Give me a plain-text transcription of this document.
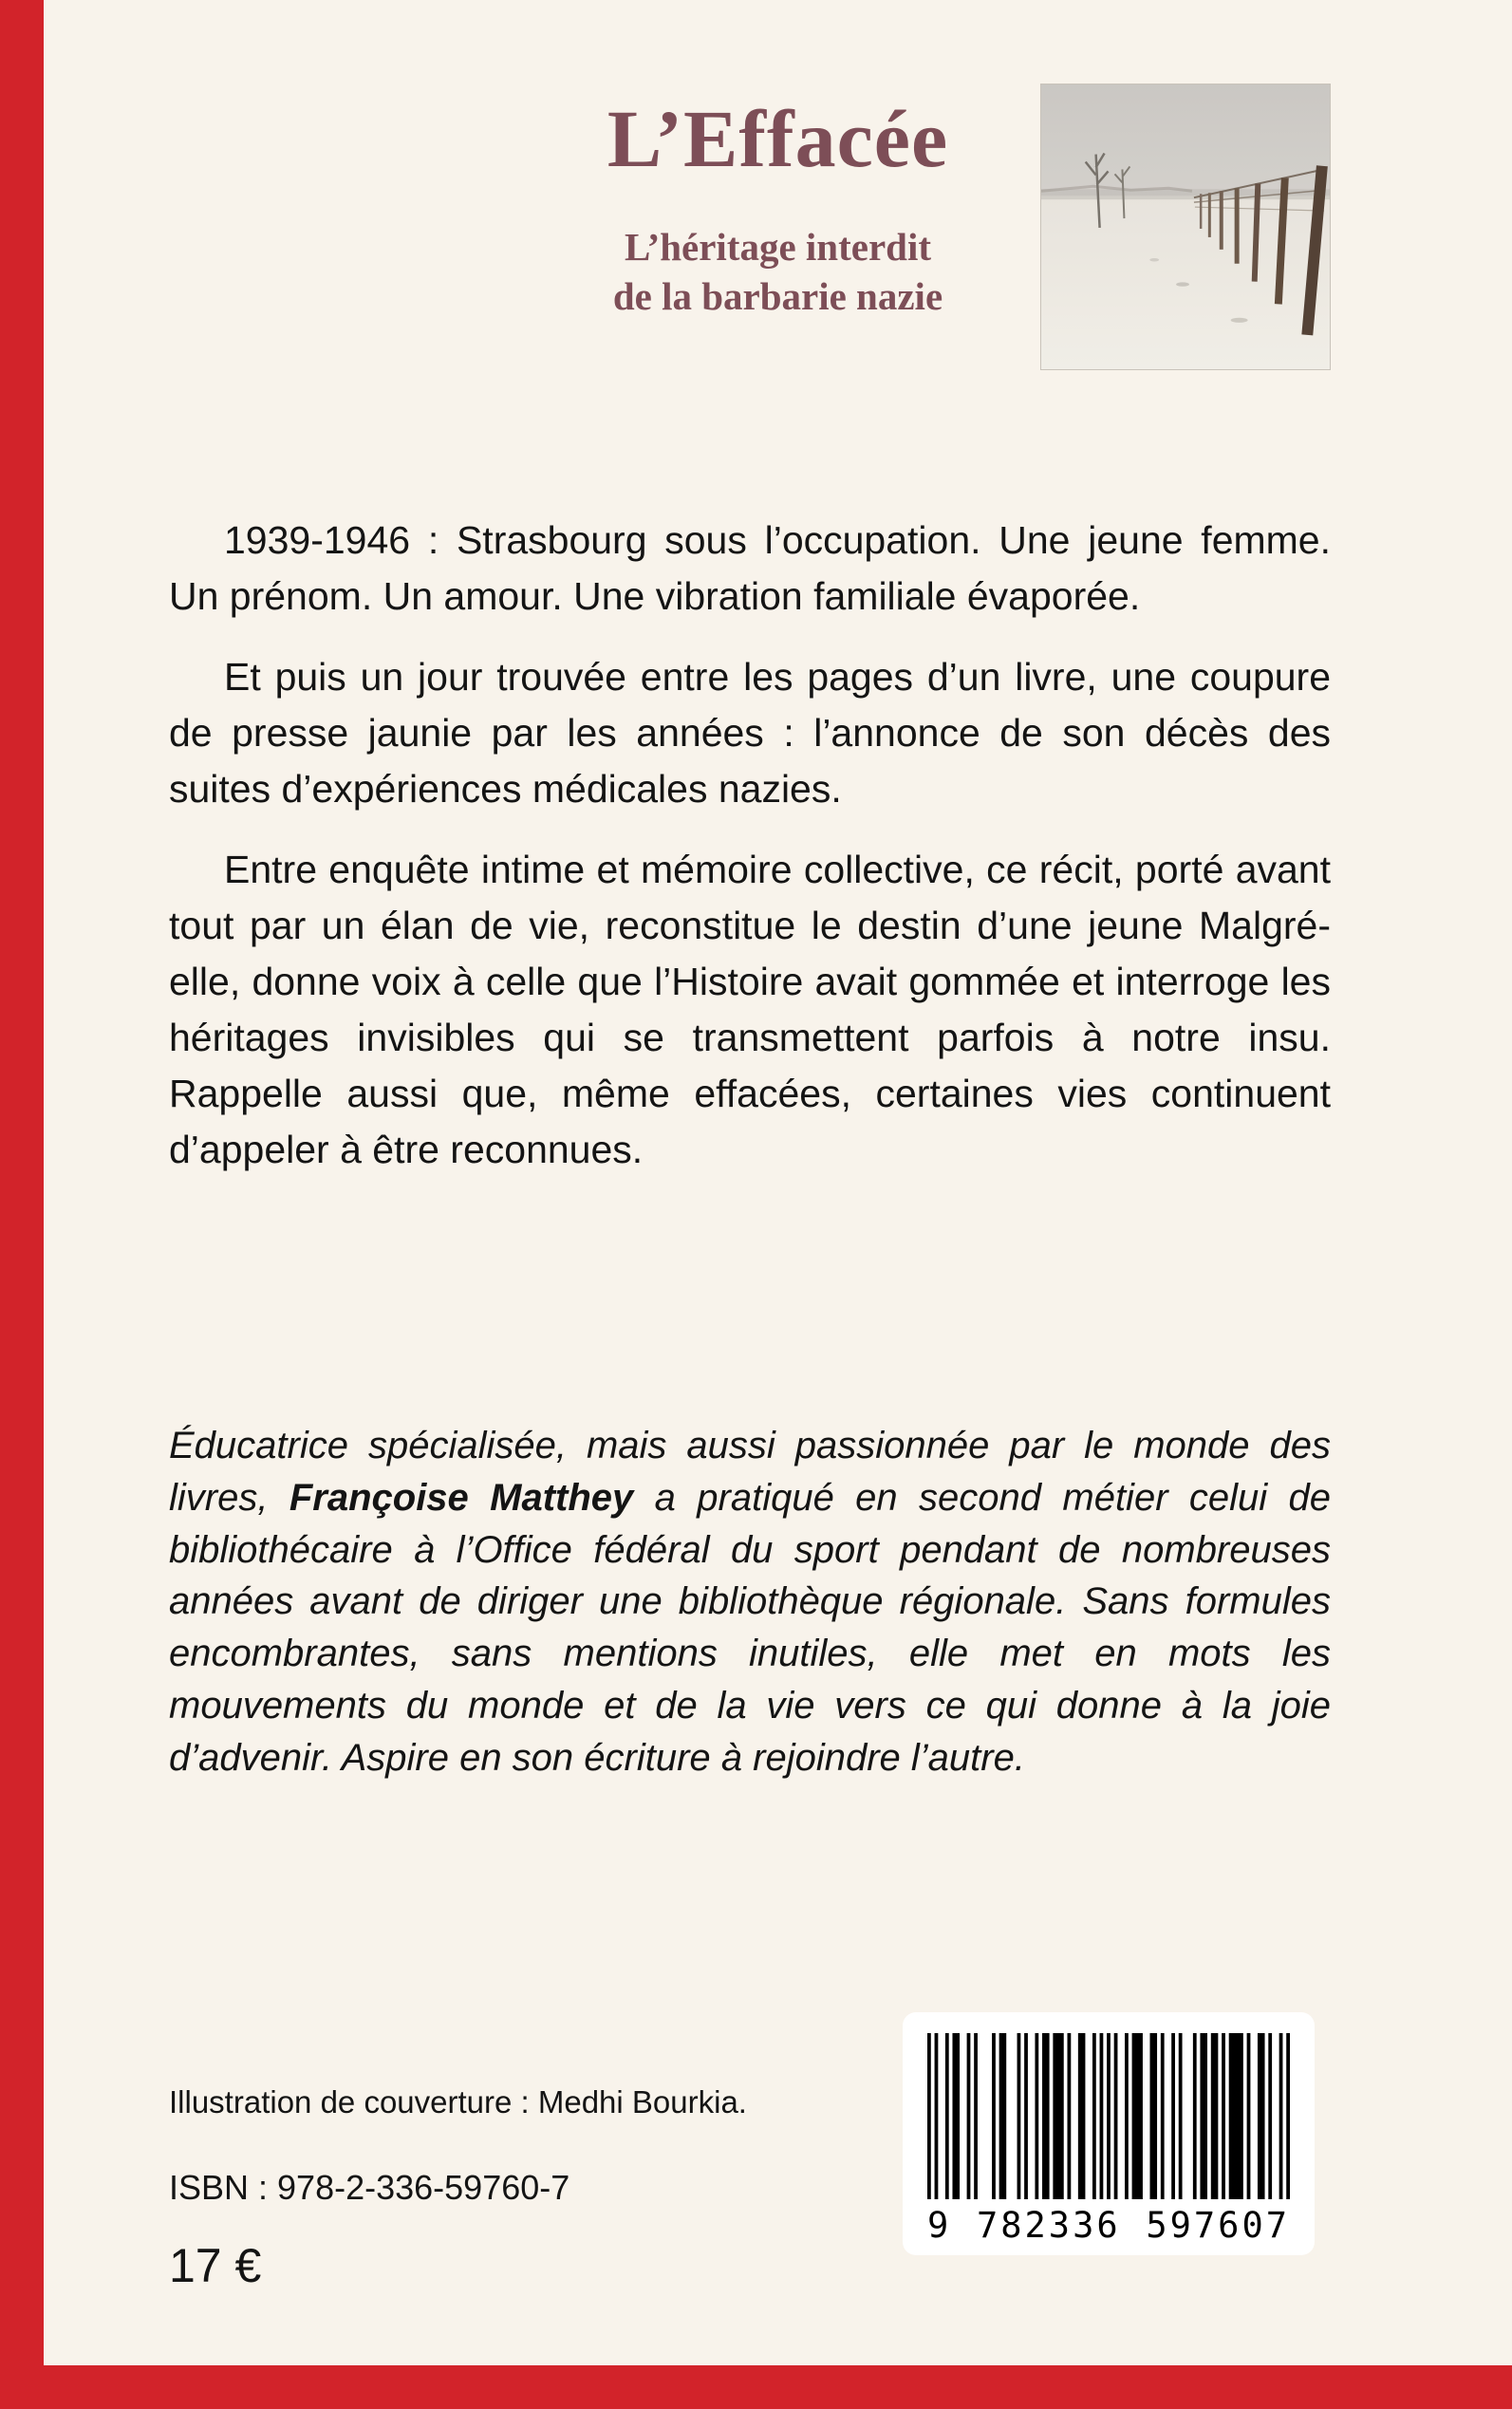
L’Effacée
L’héritage interdit
de la barbarie nazie

1939-1946 : Strasbourg sous l’occupation. Une jeune femme. Un prénom. Un amour. Une vibration familiale évaporée.

Et puis un jour trouvée entre les pages d’un livre, une coupure de presse jaunie par les années : l’annonce de son décès des suites d’expériences médicales nazies.

Entre enquête intime et mémoire collective, ce récit, porté avant tout par un élan de vie, reconstitue le destin d’une jeune Malgré-elle, donne voix à celle que l’Histoire avait gommée et interroge les héritages invisibles qui se transmettent parfois à notre insu. Rappelle aussi que, même effacées, certaines vies continuent d’appeler à être reconnues.

Éducatrice spécialisée, mais aussi passionnée par le monde des livres, Françoise Matthey a pratiqué en second métier celui de bibliothécaire à l’Office fédéral du sport pendant de nombreuses années avant de diriger une bibliothèque régionale. Sans formules encombrantes, sans mentions inutiles, elle met en mots les mouvements du monde et de la vie vers ce qui donne à la joie d’advenir. Aspire en son écriture à rejoindre l’autre.
Illustration de couverture : Medhi Bourkia.
ISBN : 978-2-336-59760-7
17 €
9 782336 597607
